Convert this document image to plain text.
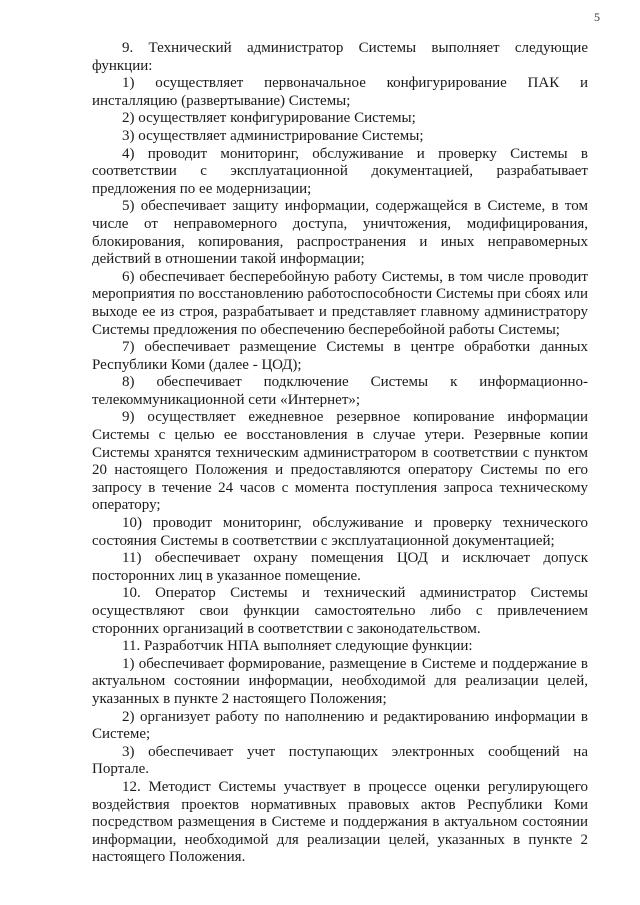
5

9. Технический администратор Системы выполняет следующие функции:

1) осуществляет первоначальное конфигурирование ПАК и инсталляцию (развертывание) Системы;

2) осуществляет конфигурирование Системы;

3) осуществляет администрирование Системы;

4) проводит мониторинг, обслуживание и проверку Системы в соответствии с эксплуатационной документацией, разрабатывает предложения по ее модернизации;

5) обеспечивает защиту информации, содержащейся в Системе, в том числе от неправомерного доступа, уничтожения, модифицирования, блокирования, копирования, распространения и иных неправомерных действий в отношении такой информации;

6) обеспечивает бесперебойную работу Системы, в том числе проводит мероприятия по восстановлению работоспособности Системы при сбоях или выходе ее из строя, разрабатывает и представляет главному администратору Системы предложения по обеспечению бесперебойной работы Системы;

7) обеспечивает размещение Системы в центре обработки данных Республики Коми (далее - ЦОД);

8) обеспечивает подключение Системы к информационно-телекоммуникационной сети «Интернет»;

9) осуществляет ежедневное резервное копирование информации Системы с целью ее восстановления в случае утери. Резервные копии Системы хранятся техническим администратором в соответствии с пунктом 20 настоящего Положения и предоставляются оператору Системы по его запросу в течение 24 часов с момента поступления запроса техническому оператору;

10) проводит мониторинг, обслуживание и проверку технического состояния Системы в соответствии с эксплуатационной документацией;

11) обеспечивает охрану помещения ЦОД и исключает допуск посторонних лиц в указанное помещение.

10. Оператор Системы и технический администратор Системы осуществляют свои функции самостоятельно либо с привлечением сторонних организаций в соответствии с законодательством.

11. Разработчик НПА выполняет следующие функции:

1) обеспечивает формирование, размещение в Системе и поддержание в актуальном состоянии информации, необходимой для реализации целей, указанных в пункте 2 настоящего Положения;

2) организует работу по наполнению и редактированию информации в Системе;

3) обеспечивает учет поступающих электронных сообщений на Портале.

12. Методист Системы участвует в процессе оценки регулирующего воздействия проектов нормативных правовых актов Республики Коми посредством размещения в Системе и поддержания в актуальном состоянии информации, необходимой для реализации целей, указанных в пункте 2 настоящего Положения.
